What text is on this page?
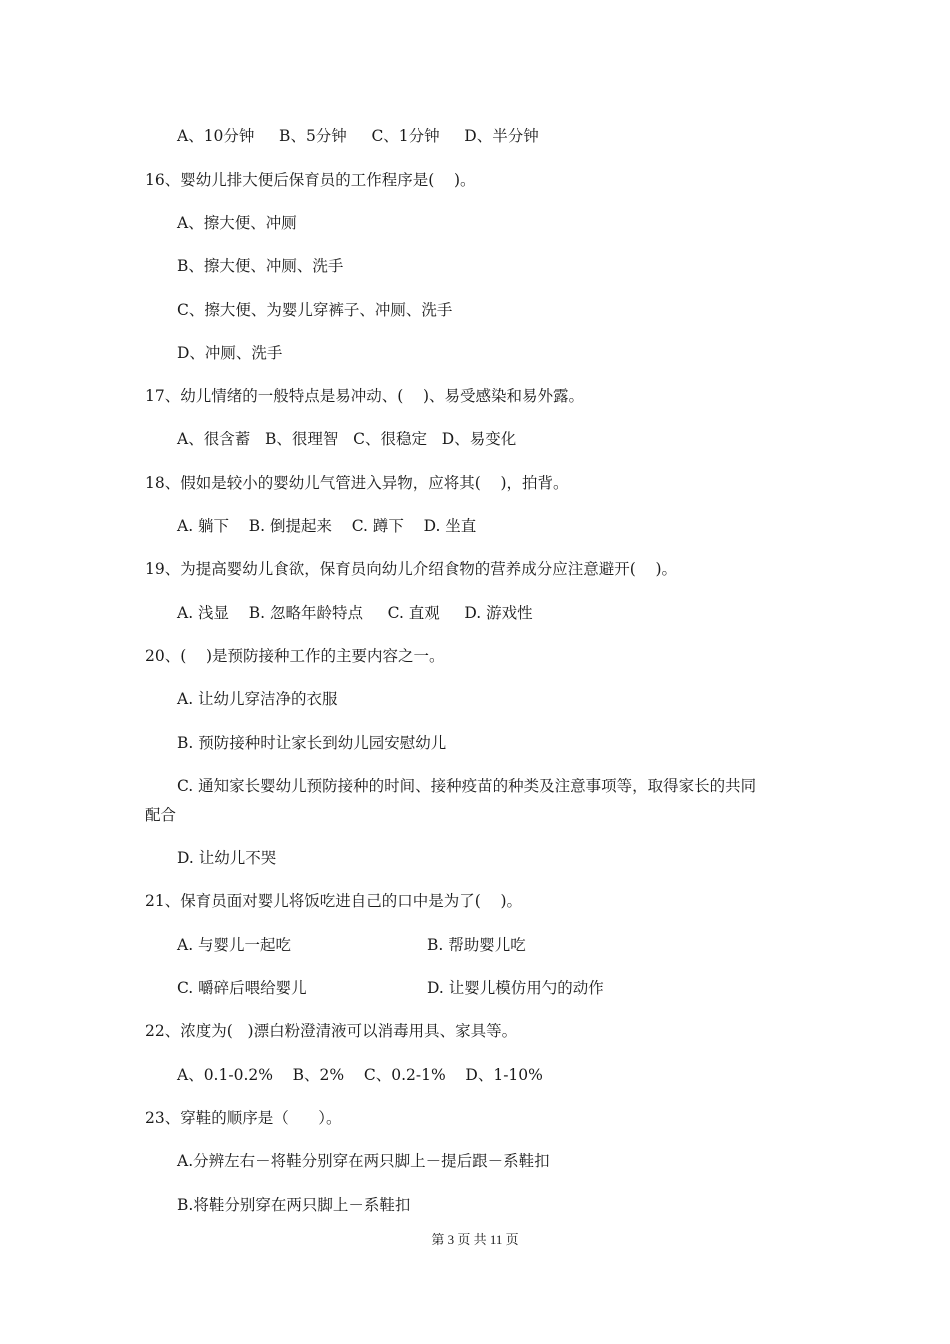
A、10分钟     B、5分钟     C、1分钟     D、半分钟
16、婴幼儿排大便后保育员的工作程序是(    )。
A、擦大便、冲厕
B、擦大便、冲厕、洗手
C、擦大便、为婴儿穿裤子、冲厕、洗手
D、冲厕、洗手
17、幼儿情绪的一般特点是易冲动、(    )、易受感染和易外露。
A、很含蓄   B、很理智   C、很稳定   D、易变化
18、假如是较小的婴幼儿气管进入异物，应将其(    )，拍背。
A. 躺下    B. 倒提起来    C. 蹲下    D. 坐直
19、为提高婴幼儿食欲，保育员向幼儿介绍食物的营养成分应注意避开(    )。
A. 浅显    B. 忽略年龄特点     C. 直观     D. 游戏性
20、(    )是预防接种工作的主要内容之一。
A. 让幼儿穿洁净的衣服
B. 预防接种时让家长到幼儿园安慰幼儿
C. 通知家长婴幼儿预防接种的时间、接种疫苗的种类及注意事项等，取得家长的共同
配合
D. 让幼儿不哭
21、保育员面对婴儿将饭吃进自己的口中是为了(    )。
A. 与婴儿一起吃	B. 帮助婴儿吃
C. 嚼碎后喂给婴儿	D. 让婴儿模仿用勺的动作
22、浓度为(   )漂白粉澄清液可以消毒用具、家具等。
A、0.1-0.2%    B、2%    C、0.2-1%    D、1-10%
23、穿鞋的顺序是（      ）。
A.分辨左右－将鞋分别穿在两只脚上－提后跟－系鞋扣
B.将鞋分别穿在两只脚上－系鞋扣
第 3 页 共 11 页
